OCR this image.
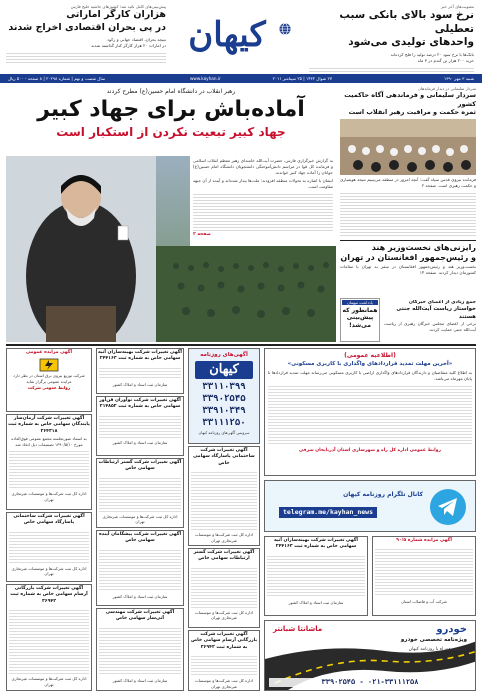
معنویت‌های آخر خبر
نرخ سود بالای بانکی سبب تعطیلی
واحدهای تولیدی می‌شود
بانک‌ها با نرخ سود ۲۰ درصد تولید را فلج کرده‌اند
خرید ۲۰۰ هزار تن گندم در ۳ ماه
کیهان
پیش‌بینی‌های کامل تائید شد؛ کشورهای حاشیه خلیج فارس
هزاران کارگر اماراتی
در پی بحران اقتصادی اخراج شدند
نتیجه بحران، اقتصاد جهانی و رکود
در امارات ۲۰ هزار کارگر کنار گذاشته شدند
شنبه ۳ مهر ۱۳۹۰
۲۷ شوال ۱۴۳۲ | ۲۵ سپتامبر ۲۰۱۱
www.kayhan.ir
سال شصت و نهم | شماره ۲۰۲۹۸ | ۸ صفحه - ۵۰۰ ریال
رهبر انقلاب در دانشگاه امام حسین(ع) مطرح کردند
آماده‌باش برای جهاد کبیر
جهاد کبیر تبعیت نکردن از استکبار است
به گزارش خبرگزاری فارس، حضرت آیت‌الله خامنه‌ای رهبر معظم انقلاب اسلامی و فرمانده کل قوا در مراسم دانش‌آموختگی دانشجویان دانشگاه امام حسین(ع) جوانان را آماده جهاد کبیر خواندند.
ایشان با اشاره به تحولات منطقه افزودند: ملت‌ها بیدار شده‌اند و آینده از آن جبهه مقاومت است.
صفحه ۲
سردار سلیمانی در دیدار فرماندهان
سردار سلیمانی و فرماندهی آگاه حاکمیت کشور
ثمره حکمت و مراقبت رهبر انقلاب است
فرمانده نیروی قدس سپاه گفت: آنچه امروز در منطقه می‌بینیم نتیجه هوشیاری و حکمت رهبری است. صفحه ۲
رایزنی‌های نخست‌وزیر هند
و رئیس‌جمهور افغانستان در تهران
نخست‌وزیر هند و رئیس‌جمهور افغانستان در سفر به تهران با مقامات کشورمان دیدار کردند. صفحه ۱۴
یادداشت میهمان
همانطور که پیش‌بینی می‌شد!
جمع زیادی از اعضای خبرگان
خواستار ریاست آیت‌الله جنتی هستند
برخی از اعضای مجلس خبرگان رهبری از ریاست آیت‌الله جنتی حمایت کردند.
آگهی مزایده عمومی
شرکت توزیع نیروی برق استان در نظر دارد مزایده عمومی برگزار نماید
روابط عمومی شرکت
آگهی تغییرات شرکت آرمان‌ساز پایندگان سهامی خاص به شماره ثبت ۲۶۴۳۱۸
به استناد صورتجلسه مجمع عمومی فوق‌العاده مورخ ۱۳۹۰/۵/۱۰ تصمیمات ذیل اتخاذ شد
اداره کل ثبت شرکت‌ها و موسسات غیرتجاری تهران
آگهی تغییرات شرکت ساختمانی پاسارگاد سهامی خاص
اداره کل ثبت شرکت‌ها و موسسات غیرتجاری تهران
آگهی تغییرات شرکت بازرگانی آرسام سهامی خاص به شماره ثبت ۳۶۹۴۲
اداره کل ثبت شرکت‌ها و موسسات غیرتجاری تهران
آگهی تغییرات شرکت بهینه‌سازان آتیه سهامی خاص به شماره ثبت ۲۴۴۱۶۳
سازمان ثبت اسناد و املاک کشور
آگهی تغییرات شرکت نوآوران فن‌آور سهامی خاص به شماره ثبت ۲۱۴۸۵۲
سازمان ثبت اسناد و املاک کشور
آگهی تغییرات شرکت گستر ارتباطات سهامی خاص
اداره کل ثبت شرکت‌ها و موسسات غیرتجاری تهران
آگهی تغییرات شرکت پیشگامان آینده سهامی خاص
سازمان ثبت اسناد و املاک کشور
آگهی تغییرات شرکت مهندسی آتی‌ساز سهامی خاص
سازمان ثبت اسناد و املاک کشور
آگهی‌های روزنامه
کیهان
۳۳۱۱۰۳۹۹
۳۳۹۰۲۵۴۵
۳۳۹۱۰۳۴۹
۳۳۱۱۱۲۵۰
سرویس آگهی‌های روزنامه کیهان
آگهی تغییرات شرکت ساختمانی پاسارگاد سهامی خاص
اداره کل ثبت شرکت‌ها و موسسات غیرتجاری تهران
آگهی تغییرات شرکت گستر ارتباطات سهامی خاص
اداره کل ثبت شرکت‌ها و موسسات غیرتجاری تهران
آگهی تغییرات شرکت بازرگانی آرسام سهامی خاص به شماره ثبت ۳۶۹۴۲
اداره کل ثبت شرکت‌ها و موسسات غیرتجاری تهران
(اطلاعیه عمومی)
«آخرین مهلت تمدید قراردادهای واگذاری با کاربری مسکونی»
به اطلاع کلیه متقاضیان و دارندگان قراردادهای واگذاری اراضی با کاربری مسکونی می‌رساند مهلت تمدید قراردادها تا پایان مهرماه می‌باشد.
روابط عمومی اداره کل راه و شهرسازی استان آذربایجان شرقی
کانال تلگرام روزنامه کیهان
telegram.me/kayhan_news
آگهی مزایده شماره ۹۰/۵
شرکت آب و فاضلاب استان
آگهی تغییرات شرکت بهینه‌سازان آتیه سهامی خاص به شماره ثبت ۲۴۴۱۶۳
سازمان ثبت اسناد و املاک کشور
ماشانتا شبانتر	خودرو
ویژه‌نامه تخصصی خودرو
هر هفته همراه با روزنامه کیهان
۰۲۱-۳۳۱۱۱۲۵۸ - ۳۳۹۰۲۵۴۵
